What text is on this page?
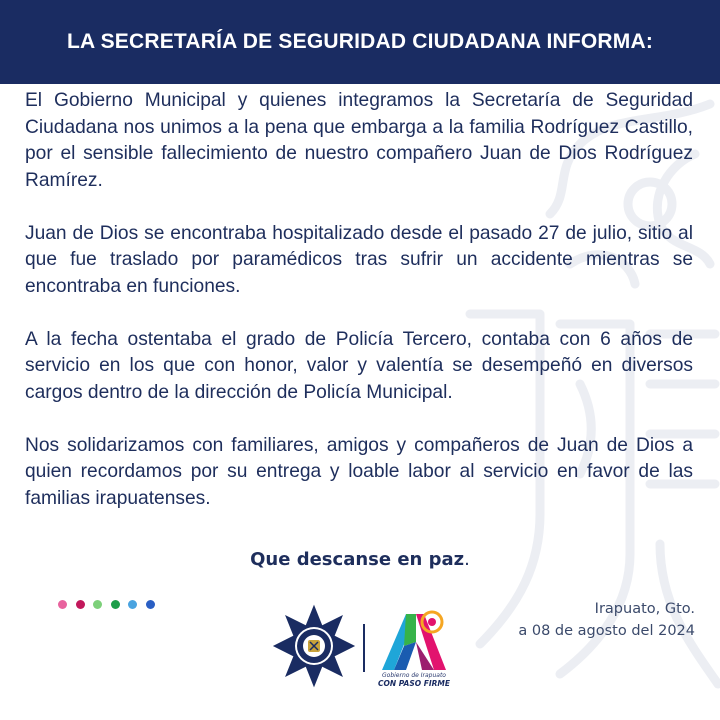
LA SECRETARÍA DE SEGURIDAD CIUDADANA INFORMA:

El Gobierno Municipal y quienes integramos la Secretaría de Seguridad Ciudadana nos unimos a la pena que embarga a la familia Rodríguez Castillo, por el sensible fallecimiento de nuestro compañero Juan de Dios Rodríguez Ramírez.

Juan de Dios se encontraba hospitalizado desde el pasado 27 de julio, sitio al que fue traslado por paramédicos tras sufrir un accidente mientras se encontraba en funciones.

A la fecha ostentaba el grado de Policía Tercero, contaba con 6 años de servicio en los que con honor, valor y valentía se desempeñó en diversos cargos dentro de la dirección de Policía Municipal.

Nos solidarizamos con familiares, amigos y compañeros de Juan de Dios a quien recordamos por su entrega y loable labor al servicio en favor de las familias irapuatenses.

Que descanse en paz.
Irapuato, Gto.
a 08 de agosto del 2024
Gobierno de Irapuato
CON PASO FIRME
